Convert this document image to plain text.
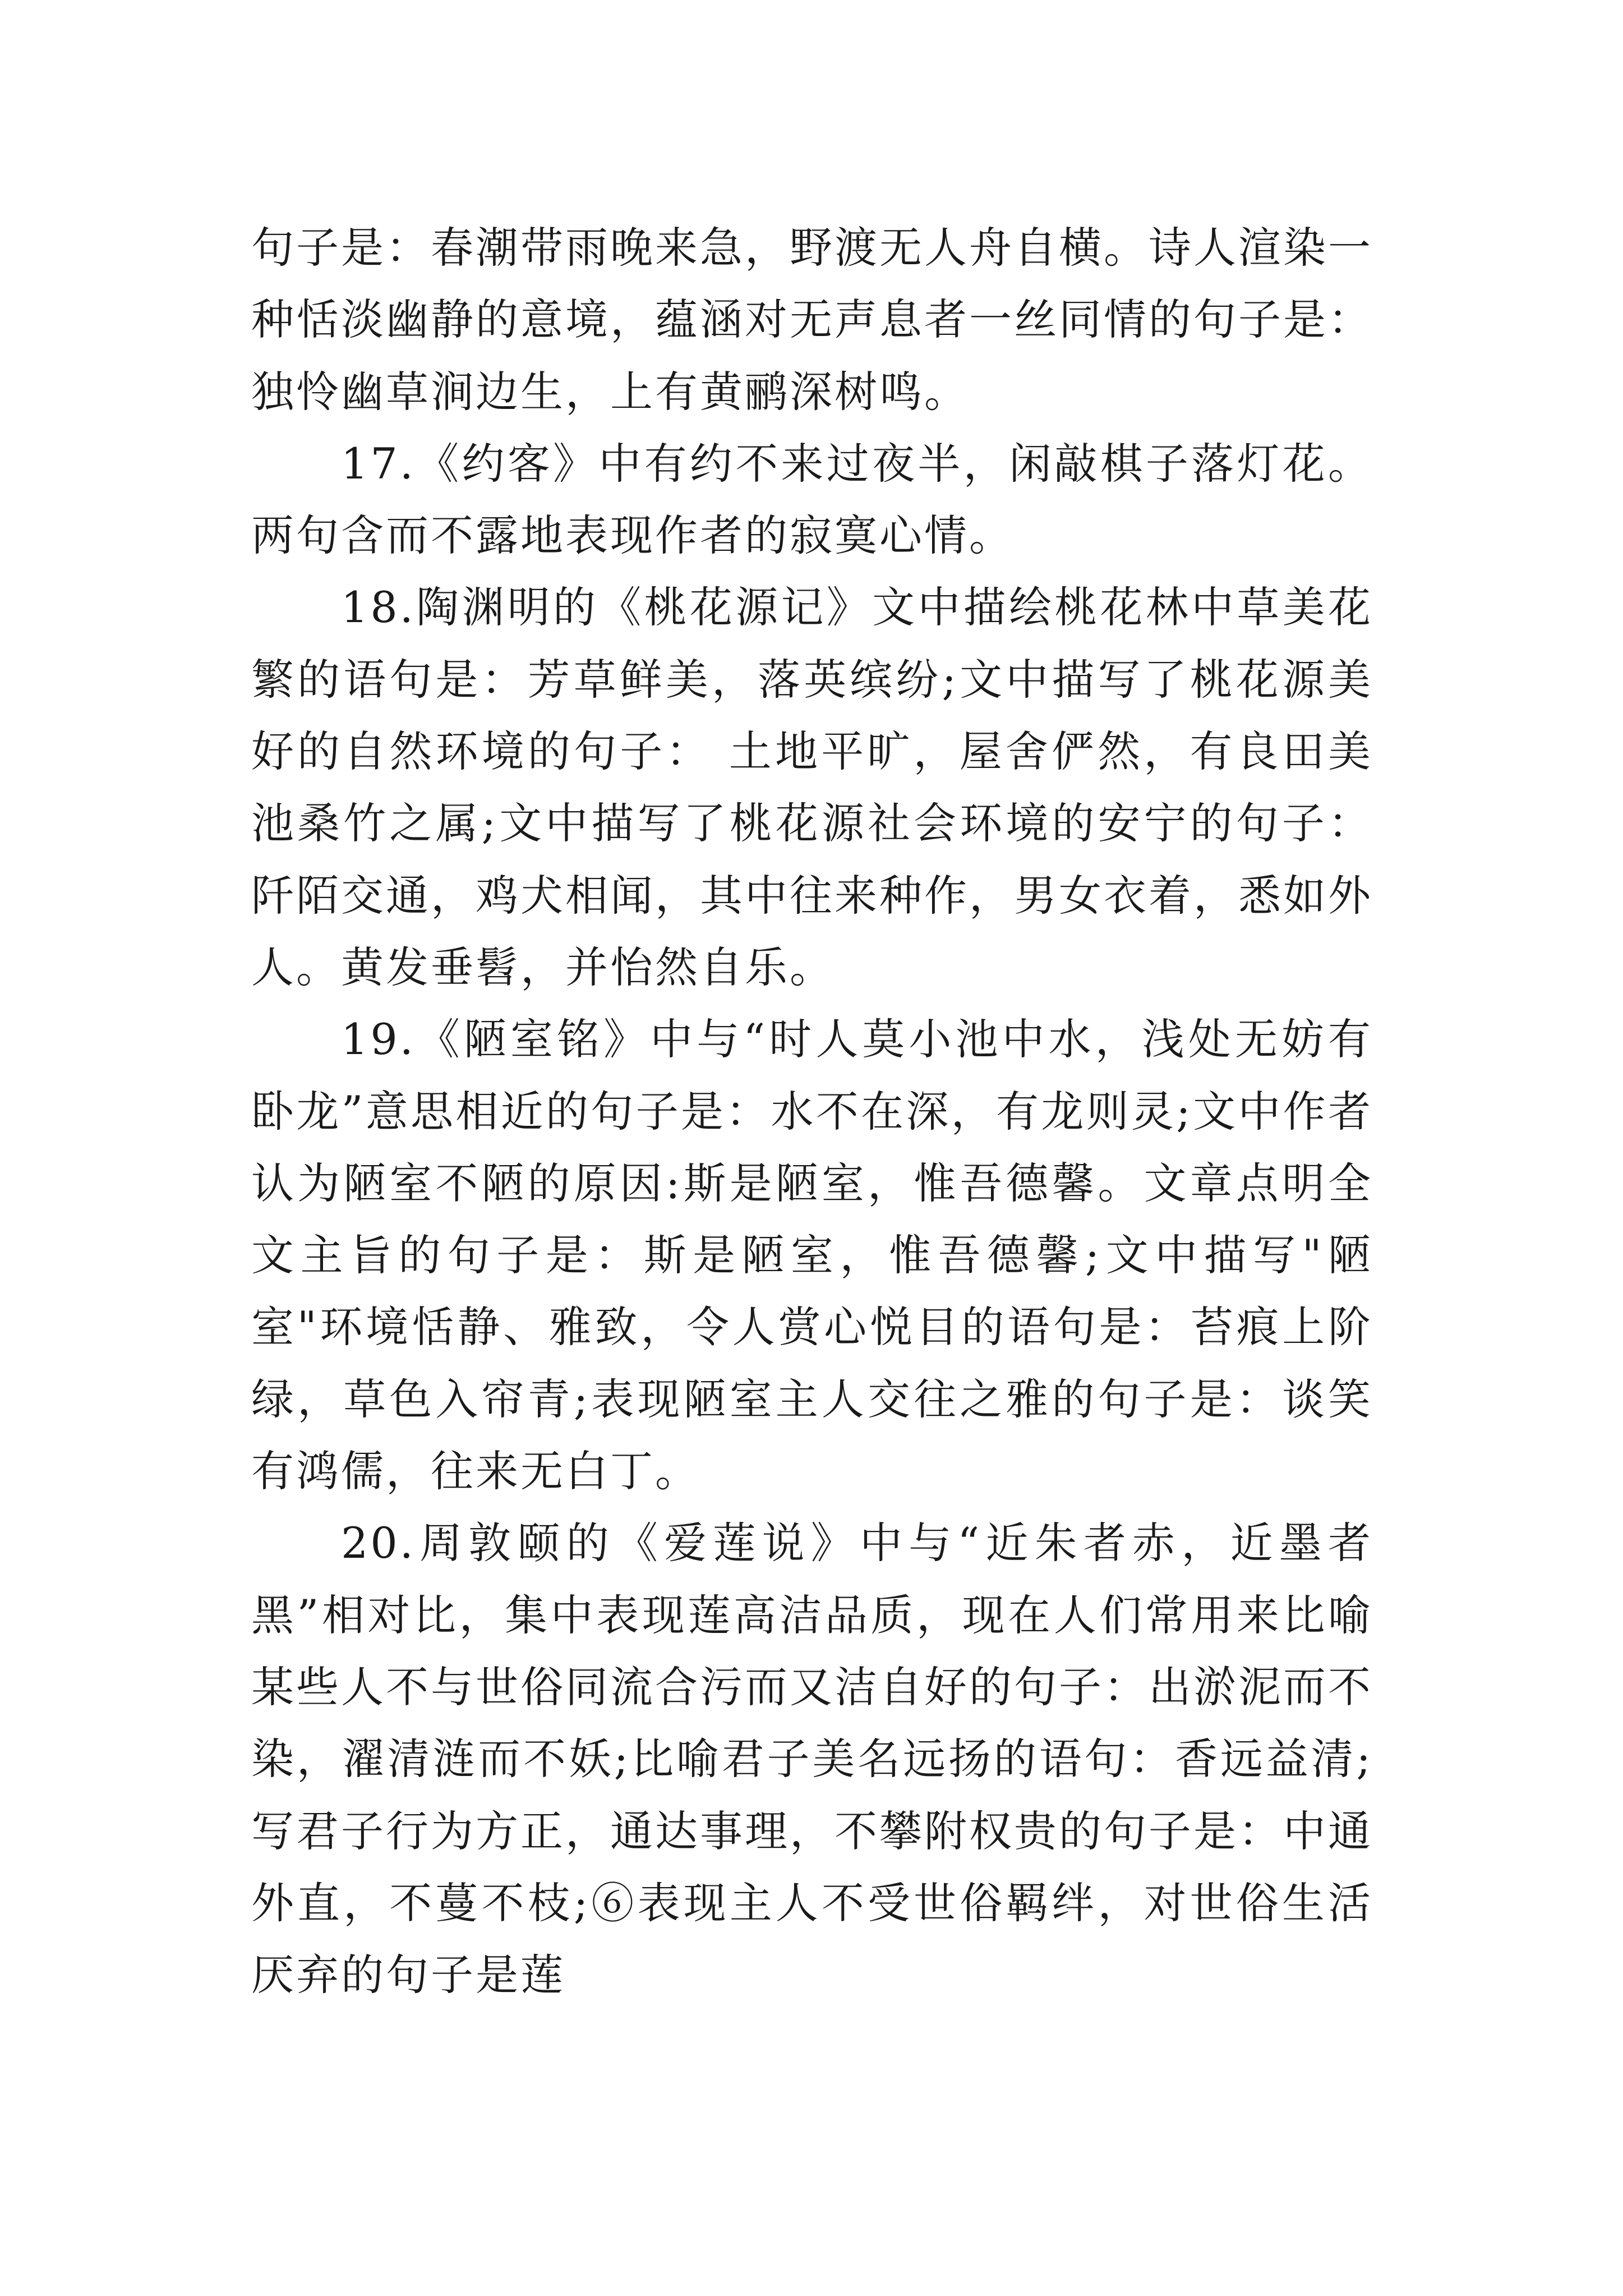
句子是：春潮带雨晚来急，野渡无人舟自横。诗人渲染一种恬淡幽静的意境，蕴涵对无声息者一丝同情的句子是：独怜幽草涧边生，上有黄鹂深树鸣。

17.《约客》中有约不来过夜半，闲敲棋子落灯花。两句含而不露地表现作者的寂寞心情。

18.陶渊明的《桃花源记》文中描绘桃花林中草美花繁的语句是：芳草鲜美，落英缤纷;文中描写了桃花源美好的自然环境的句子： 土地平旷，屋舍俨然，有良田美池桑竹之属;文中描写了桃花源社会环境的安宁的句子： 阡陌交通，鸡犬相闻，其中往来种作，男女衣着，悉如外人。黄发垂髫，并怡然自乐。

19.《陋室铭》中与“时人莫小池中水，浅处无妨有卧龙”意思相近的句子是：水不在深，有龙则灵;文中作者认为陋室不陋的原因:斯是陋室，惟吾德馨。文章点明全文主旨的句子是：斯是陋室，惟吾德馨;文中描写"陋室"环境恬静、雅致，令人赏心悦目的语句是：苔痕上阶绿，草色入帘青;表现陋室主人交往之雅的句子是：谈笑有鸿儒，往来无白丁。

20.周敦颐的《爱莲说》中与“近朱者赤，近墨者黑”相对比，集中表现莲高洁品质，现在人们常用来比喻某些人不与世俗同流合污而又洁自好的句子：出淤泥而不染，濯清涟而不妖;比喻君子美名远扬的语句：香远益清;写君子行为方正，通达事理，不攀附权贵的句子是：中通外直，不蔓不枝;⑥表现主人不受世俗羁绊，对世俗生活厌弃的句子是莲
